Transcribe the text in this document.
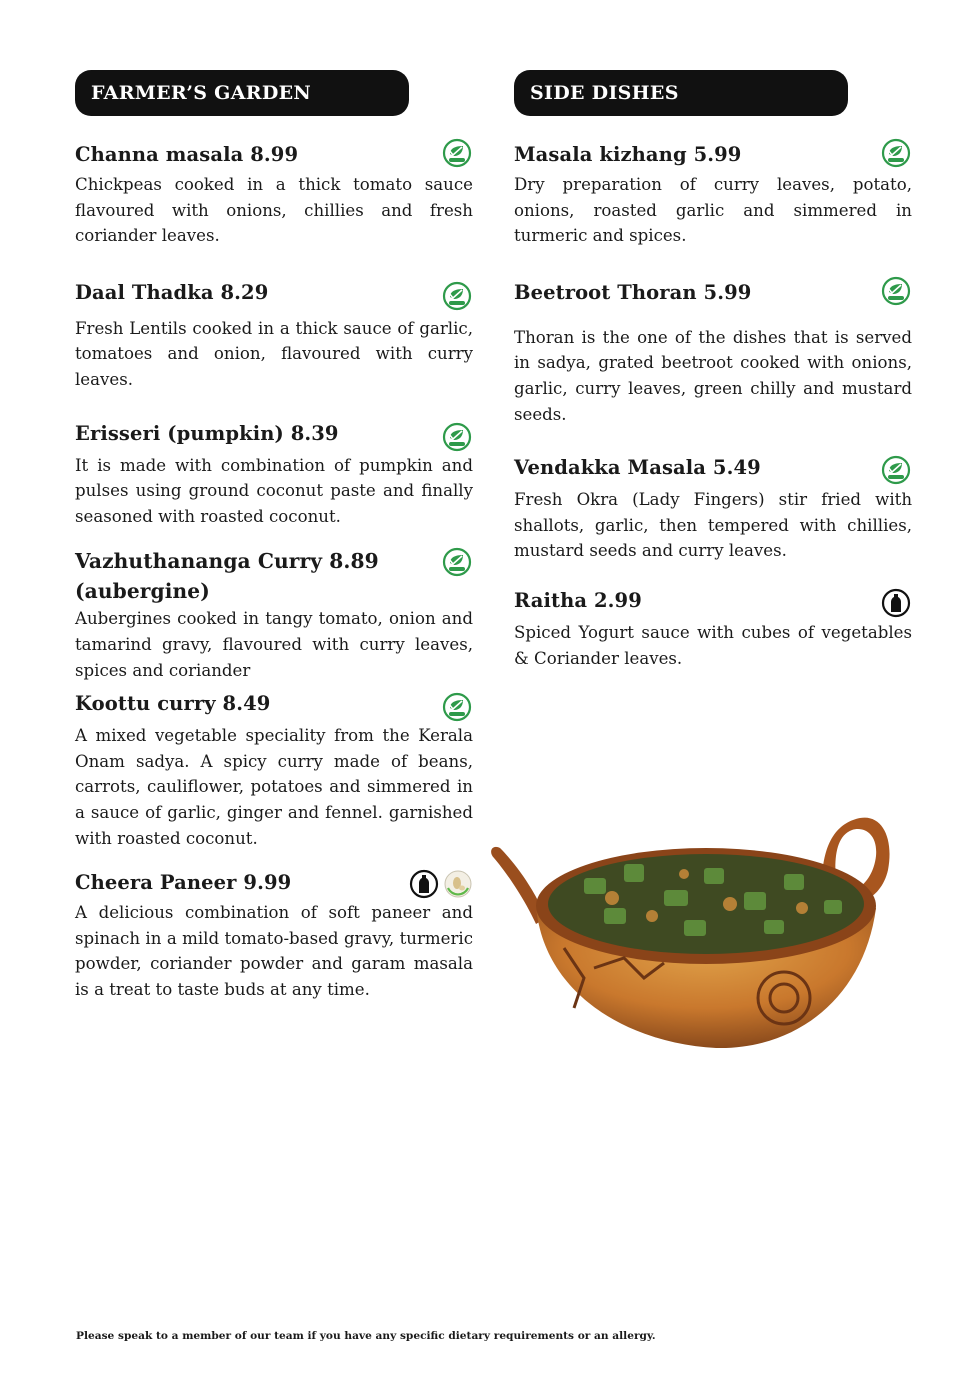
FARMER’S GARDEN

Channa masala 8.99

Chickpeas cooked in a thick tomato sauce flavoured with onions, chillies and fresh coriander leaves.

Daal Thadka 8.29

Fresh Lentils cooked in a thick sauce of garlic, tomatoes and onion, flavoured with curry leaves.

Erisseri (pumpkin) 8.39

It is made with combination of pumpkin and pulses using ground coconut paste and finally seasoned with roasted coconut.

Vazhuthananga Curry 8.89 (aubergine)

Aubergines cooked in tangy tomato, onion and tamarind gravy, flavoured with curry leaves, spices and coriander

Koottu curry 8.49

A mixed vegetable speciality from the Kerala Onam sadya. A spicy curry made of beans, carrots, cauliflower, potatoes and simmered in a sauce of garlic, ginger and fennel. garnished with roasted coconut.

Cheera Paneer 9.99

A delicious combination of soft paneer and spinach in a mild tomato-based gravy, turmeric powder, coriander powder and garam masala is a treat to taste buds at any time.

SIDE DISHES

Masala kizhang 5.99

Dry preparation of curry leaves, potato, onions, roasted garlic and simmered in turmeric and spices.

Beetroot Thoran 5.99

Thoran is the one of the dishes that is served in sadya, grated beetroot cooked with onions, garlic, curry leaves, green chilly and mustard seeds.

Vendakka Masala 5.49

Fresh Okra (Lady Fingers) stir fried with shallots, garlic, then tempered with chillies, mustard seeds and curry leaves.

Raitha 2.99

Spiced Yogurt sauce with cubes of vegetables & Coriander leaves.

Please speak to a member of our team if you have any specific dietary requirements or an allergy.
